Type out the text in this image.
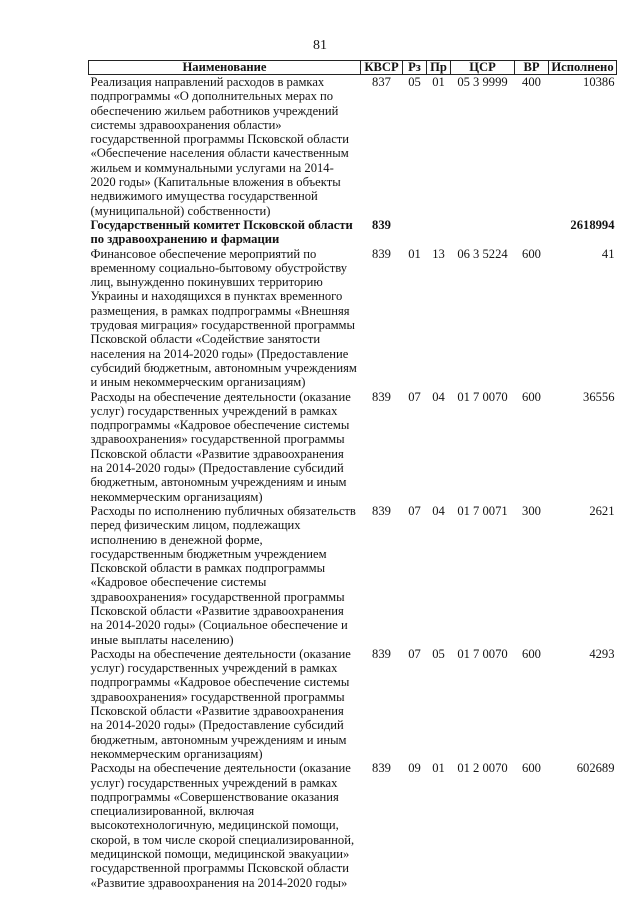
81
Наименование	КВСР	Рз	Пр	ЦСР	ВР	Исполнено
Реализация направлений расходов в рамках подпрограммы «О дополнительных мерах по обеспечению жильем работников учреждений системы здравоохранения области» государственной программы Псковской области «Обеспечение населения области качественным жильем и коммунальными услугами на 2014-2020 годы» (Капитальные вложения в объекты недвижимого имущества государственной (муниципальной) собственности)	837	05	01	05 3 9999	400	10386
Государственный комитет Псковской области по здравоохранению и фармации	839					2618994
Финансовое обеспечение мероприятий по временному социально-бытовому обустройству лиц, вынужденно покинувших территорию Украины и находящихся в пунктах временного размещения, в рамках подпрограммы «Внешняя трудовая миграция» государственной программы Псковской области «Содействие занятости населения на 2014-2020 годы» (Предоставление субсидий бюджетным, автономным учреждениям и иным некоммерческим организациям)	839	01	13	06 3 5224	600	41
Расходы на обеспечение деятельности (оказание услуг) государственных учреждений в рамках подпрограммы «Кадровое обеспечение системы здравоохранения» государственной программы Псковской области «Развитие здравоохранения на 2014-2020 годы» (Предоставление субсидий бюджетным, автономным учреждениям и иным некоммерческим организациям)	839	07	04	01 7 0070	600	36556
Расходы по исполнению публичных обязательств перед физическим лицом, подлежащих исполнению в денежной форме, государственным бюджетным учреждением Псковской области в рамках подпрограммы «Кадровое обеспечение системы здравоохранения» государственной программы Псковской области «Развитие здравоохранения на 2014-2020 годы» (Социальное обеспечение и иные выплаты населению)	839	07	04	01 7 0071	300	2621
Расходы на обеспечение деятельности (оказание услуг) государственных учреждений в рамках подпрограммы «Кадровое обеспечение системы здравоохранения» государственной программы Псковской области «Развитие здравоохранения на 2014-2020 годы» (Предоставление субсидий бюджетным, автономным учреждениям и иным некоммерческим организациям)	839	07	05	01 7 0070	600	4293
Расходы на обеспечение деятельности (оказание услуг) государственных учреждений в рамках подпрограммы «Совершенствование оказания специализированной, включая высокотехнологичную, медицинской помощи, скорой, в том числе скорой специализированной, медицинской помощи, медицинской эвакуации» государственной программы Псковской области «Развитие здравоохранения на 2014-2020 годы»	839	09	01	01 2 0070	600	602689
